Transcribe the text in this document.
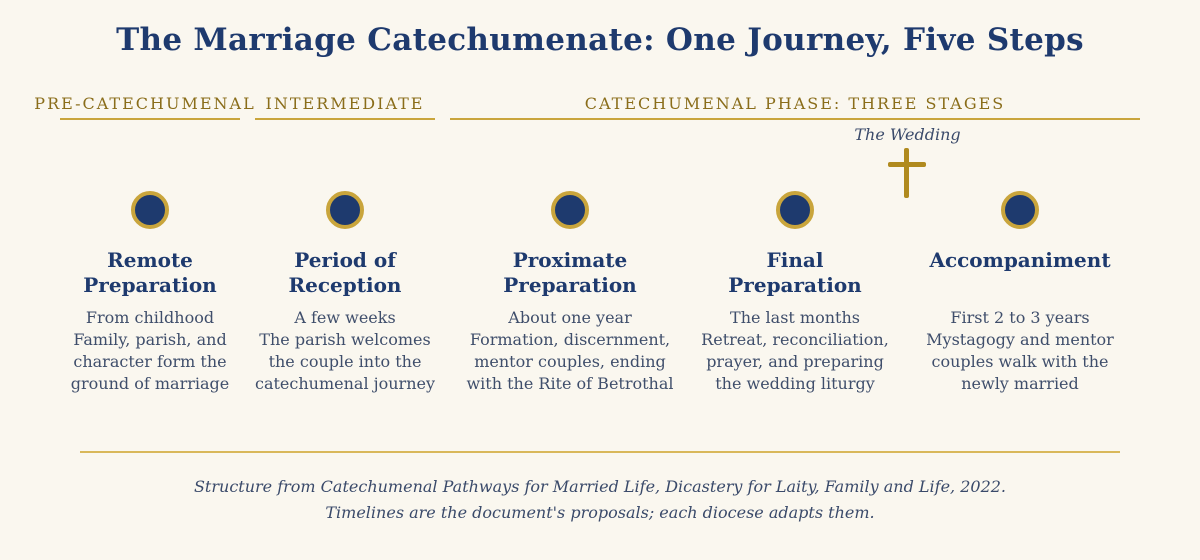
The Marriage Catechumenate: One Journey, Five Steps
PRE-CATECHUMENAL INTERMEDIATE	CATECHUMENAL PHASE: THREE STAGES
The Wedding
Remote
Preparation
From childhood
Family, parish, and
character form the
ground of marriage
Period of
Reception
A few weeks
The parish welcomes
the couple into the
catechumenal journey
Proximate
Preparation
About one year
Formation, discernment,
mentor couples, ending
with the Rite of Betrothal
Final
Preparation
The last months
Retreat, reconciliation,
prayer, and preparing
the wedding liturgy
Accompaniment
First 2 to 3 years
Mystagogy and mentor
couples walk with the
newly married
Structure from Catechumenal Pathways for Married Life, Dicastery for Laity, Family and Life, 2022.
Timelines are the document's proposals; each diocese adapts them.
